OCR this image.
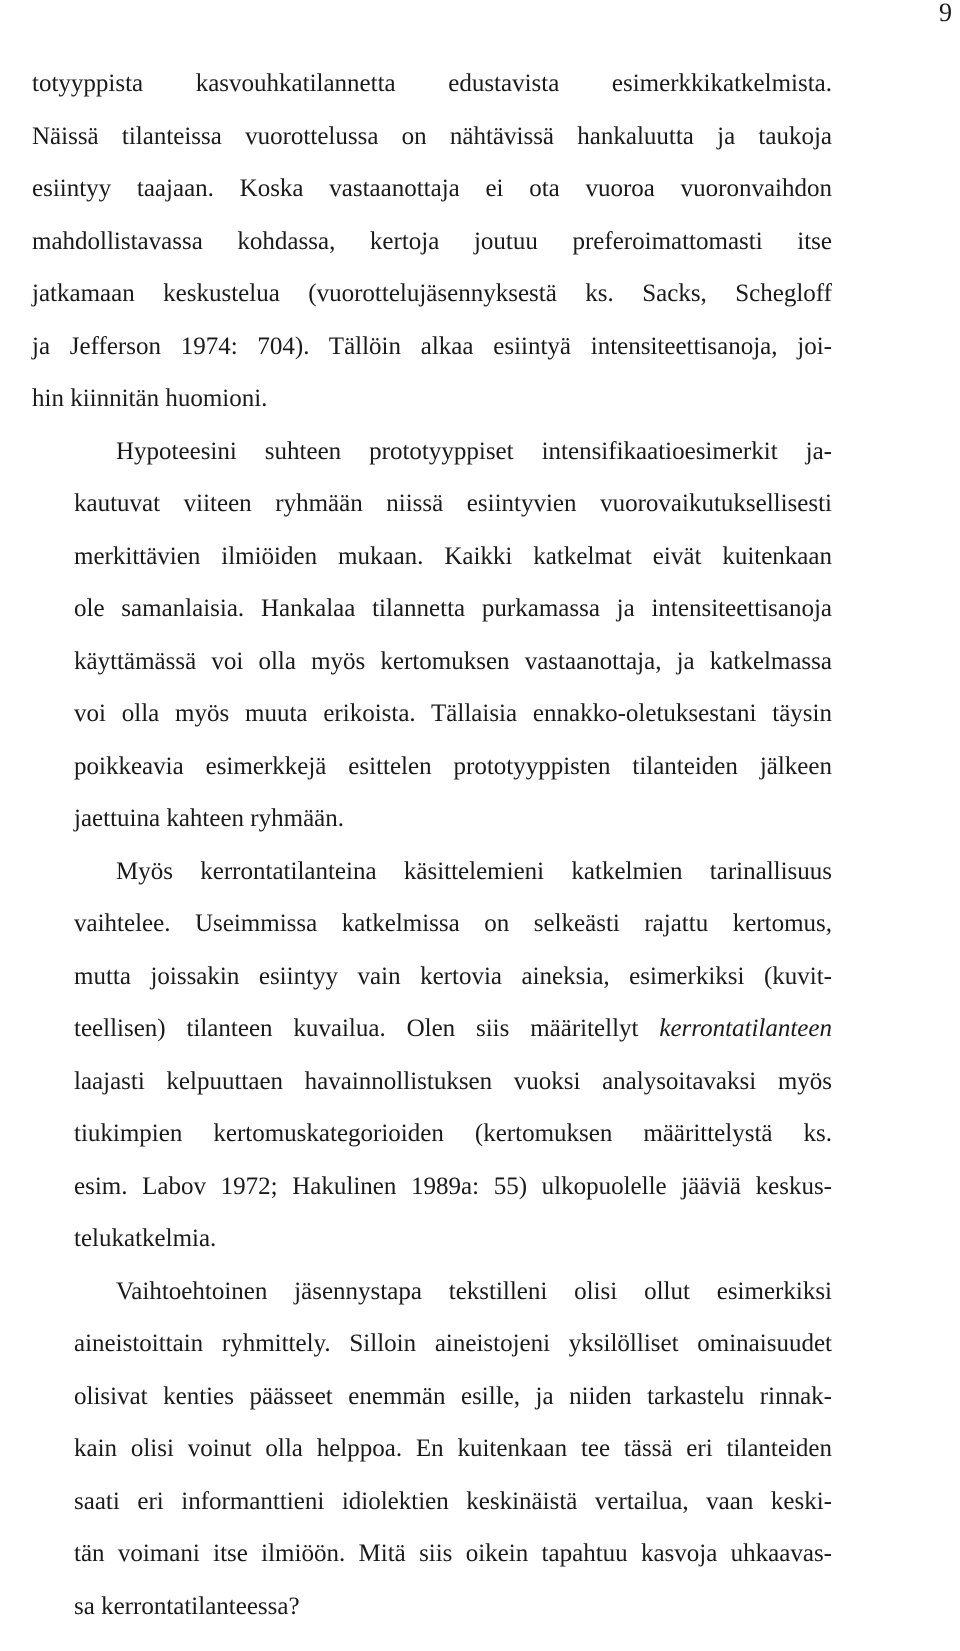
9

totyyppista kasvouhkatilannetta edustavista esimerkkikatkelmista.
Näissä tilanteissa vuorottelussa on nähtävissä hankaluutta ja taukoja
esiintyy taajaan. Koska vastaanottaja ei ota vuoroa vuoronvaihdon
mahdollistavassa kohdassa, kertoja joutuu preferoimattomasti itse
jatkamaan keskustelua (vuorottelujäsennyksestä ks. Sacks, Schegloff
ja Jefferson 1974: 704). Tällöin alkaa esiintyä intensiteettisanoja, joi-
hin kiinnitän huomioni.

Hypoteesini suhteen prototyyppiset intensifikaatioesimerkit ja-
kautuvat viiteen ryhmään niissä esiintyvien vuorovaikutuksellisesti
merkittävien ilmiöiden mukaan. Kaikki katkelmat eivät kuitenkaan
ole samanlaisia. Hankalaa tilannetta purkamassa ja intensiteettisanoja
käyttämässä voi olla myös kertomuksen vastaanottaja, ja katkelmassa
voi olla myös muuta erikoista. Tällaisia ennakko-oletuksestani täysin
poikkeavia esimerkkejä esittelen prototyyppisten tilanteiden jälkeen
jaettuina kahteen ryhmään.

Myös kerrontatilanteina käsittelemieni katkelmien tarinallisuus
vaihtelee. Useimmissa katkelmissa on selkeästi rajattu kertomus,
mutta joissakin esiintyy vain kertovia aineksia, esimerkiksi (kuvit-
teellisen) tilanteen kuvailua. Olen siis määritellyt kerrontatilanteen
laajasti kelpuuttaen havainnollistuksen vuoksi analysoitavaksi myös
tiukimpien kertomuskategorioiden (kertomuksen määrittelystä ks.
esim. Labov 1972; Hakulinen 1989a: 55) ulkopuolelle jääviä keskus-
telukatkelmia.

Vaihtoehtoinen jäsennystapa tekstilleni olisi ollut esimerkiksi
aineistoittain ryhmittely. Silloin aineistojeni yksilölliset ominaisuudet
olisivat kenties päässeet enemmän esille, ja niiden tarkastelu rinnak-
kain olisi voinut olla helppoa. En kuitenkaan tee tässä eri tilanteiden
saati eri informanttieni idiolektien keskinäistä vertailua, vaan keski-
tän voimani itse ilmiöön. Mitä siis oikein tapahtuu kasvoja uhkaavas-
sa kerrontatilanteessa?
